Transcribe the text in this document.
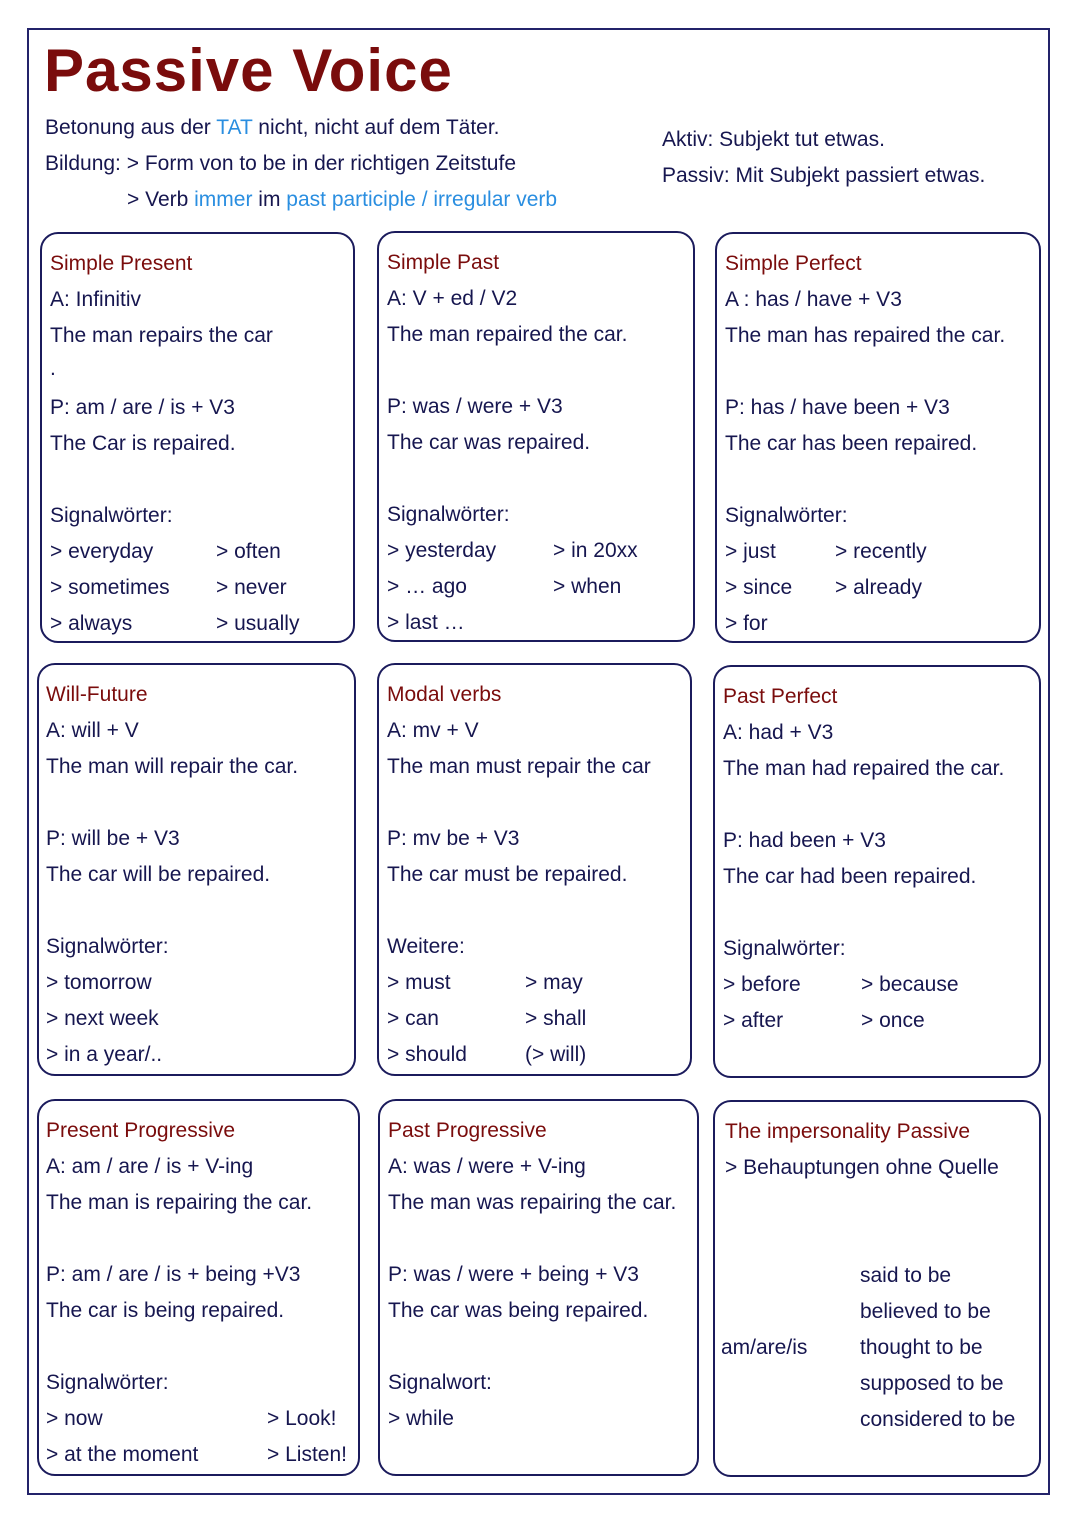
Passive Voice
Betonung aus der TAT nicht, nicht auf dem Täter.
Bildung: > Form von to be in der richtigen Zeitstufe
> Verb immer im past participle / irregular verb
Aktiv: Subjekt tut etwas.
Passiv: Mit Subjekt passiert etwas.
Simple Present
A: Infinitiv
The man repairs the car
.
P: am / are / is + V3
The Car is repaired.
Signalwörter:
> everyday	> often
> sometimes	> never
> always	> usually
Simple Past
A: V + ed / V2
The man repaired the car.
P: was / were + V3
The car was repaired.
Signalwörter:
> yesterday	> in 20xx
> … ago	> when
> last …
Simple Perfect
A : has / have + V3
The man has repaired the car.
P: has / have been + V3
The car has been repaired.
Signalwörter:
> just	> recently
> since	> already
> for
Will-Future
A: will + V
The man will repair the car.
P: will be + V3
The car will be repaired.
Signalwörter:
> tomorrow
> next week
> in a year/..
Modal verbs
A: mv + V
The man must repair the car
P: mv be + V3
The car must be repaired.
Weitere:
> must	> may
> can	> shall
> should	(> will)
Past Perfect
A: had + V3
The man had repaired the car.
P: had been + V3
The car had been repaired.
Signalwörter:
> before	> because
> after	> once
Present Progressive
A: am / are / is + V-ing
The man is repairing the car.
P: am / are / is + being +V3
The car is being repaired.
Signalwörter:
> now	> Look!
> at the moment	> Listen!
Past Progressive
A: was / were + V-ing
The man was repairing the car.
P: was / were + being + V3
The car was being repaired.
Signalwort:
> while
The impersonality Passive
> Behauptungen ohne Quelle
am/are/is
said to be
believed to be
thought to be
supposed to be
considered to be
